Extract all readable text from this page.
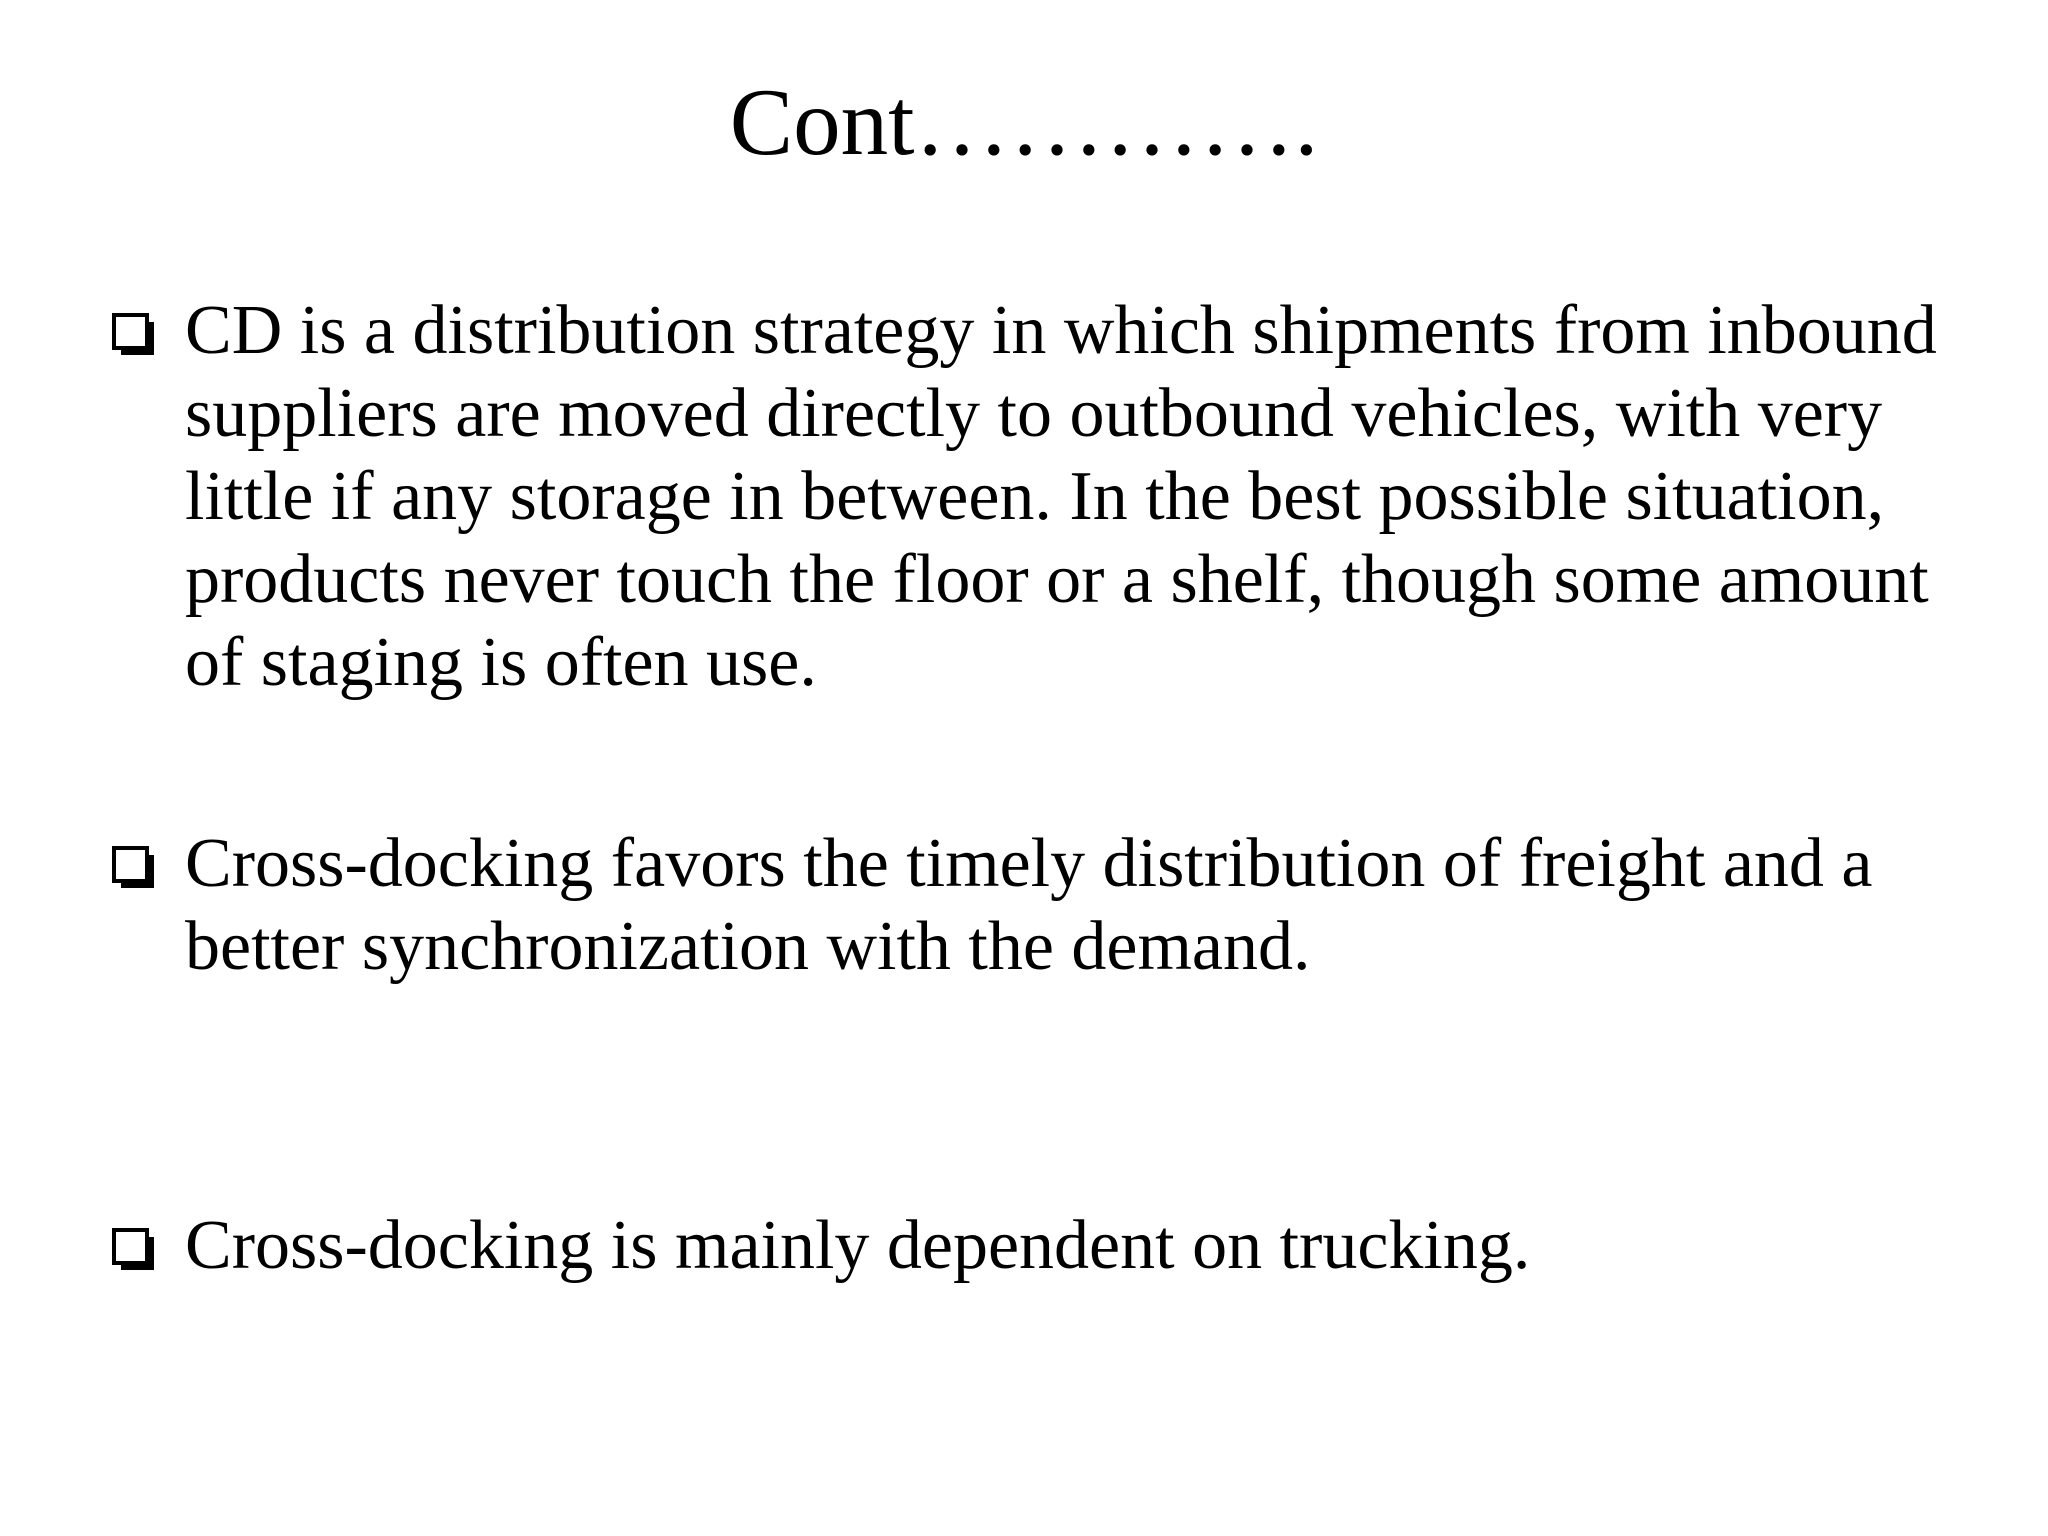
Cont………….
CD is a distribution strategy in which shipments from inbound suppliers are moved directly to outbound vehicles, with very little if any storage in between. In the best possible situation, products never touch the floor or a shelf, though some amount of staging is often use.
Cross-docking favors the timely distribution of freight and a better synchronization with the demand.
Cross-docking is mainly dependent on trucking.
